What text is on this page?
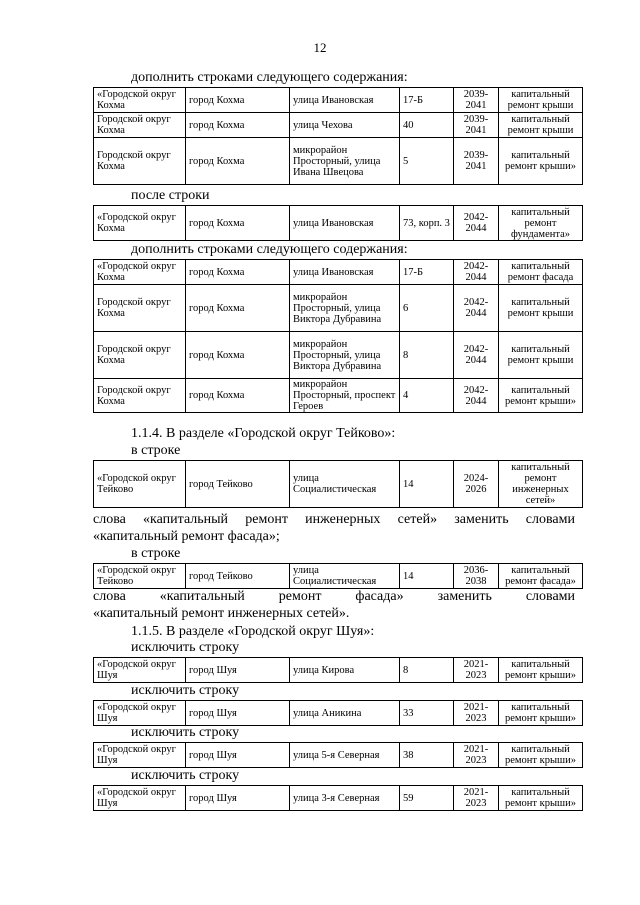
12
дополнить строками следующего содержания:
«Городской округ Кохма	город Кохма	улица Ивановская	17-Б	2039-2041	капитальный ремонт крыши
Городской округ Кохма	город Кохма	улица Чехова	40	2039-2041	капитальный ремонт крыши
Городской округ Кохма	город Кохма	микрорайон Просторный, улица Ивана Швецова	5	2039-2041	капитальный ремонт крыши»
после строки
«Городской округ Кохма	город Кохма	улица Ивановская	73, корп. 3	2042-2044	капитальный ремонт фундамента»
дополнить строками следующего содержания:
«Городской округ Кохма	город Кохма	улица Ивановская	17-Б	2042-2044	капитальный ремонт фасада
Городской округ Кохма	город Кохма	микрорайон Просторный, улица Виктора Дубравина	6	2042-2044	капитальный ремонт крыши
Городской округ Кохма	город Кохма	микрорайон Просторный, улица Виктора Дубравина	8	2042-2044	капитальный ремонт крыши
Городской округ Кохма	город Кохма	микрорайон Просторный, проспект Героев	4	2042-2044	капитальный ремонт крыши»
1.1.4. В разделе «Городской округ Тейково»:
в строке
«Городской округ Тейково	город Тейково	улица Социалистическая	14	2024-2026	капитальный ремонт инженерных сетей»
слова «капитальный ремонт инженерных сетей» заменить словами
«капитальный ремонт фасада»;
в строке
«Городской округ Тейково	город Тейково	улица Социалистическая	14	2036-2038	капитальный ремонт фасада»
слова «капитальный ремонт фасада» заменить словами
«капитальный ремонт инженерных сетей».
1.1.5. В разделе «Городской округ Шуя»:
исключить строку
«Городской округ Шуя	город Шуя	улица Кирова	8	2021-2023	капитальный ремонт крыши»
исключить строку
«Городской округ Шуя	город Шуя	улица Аникина	33	2021-2023	капитальный ремонт крыши»
исключить строку
«Городской округ Шуя	город Шуя	улица 5-я Северная	38	2021-2023	капитальный ремонт крыши»
исключить строку
«Городской округ Шуя	город Шуя	улица 3-я Северная	59	2021-2023	капитальный ремонт крыши»
